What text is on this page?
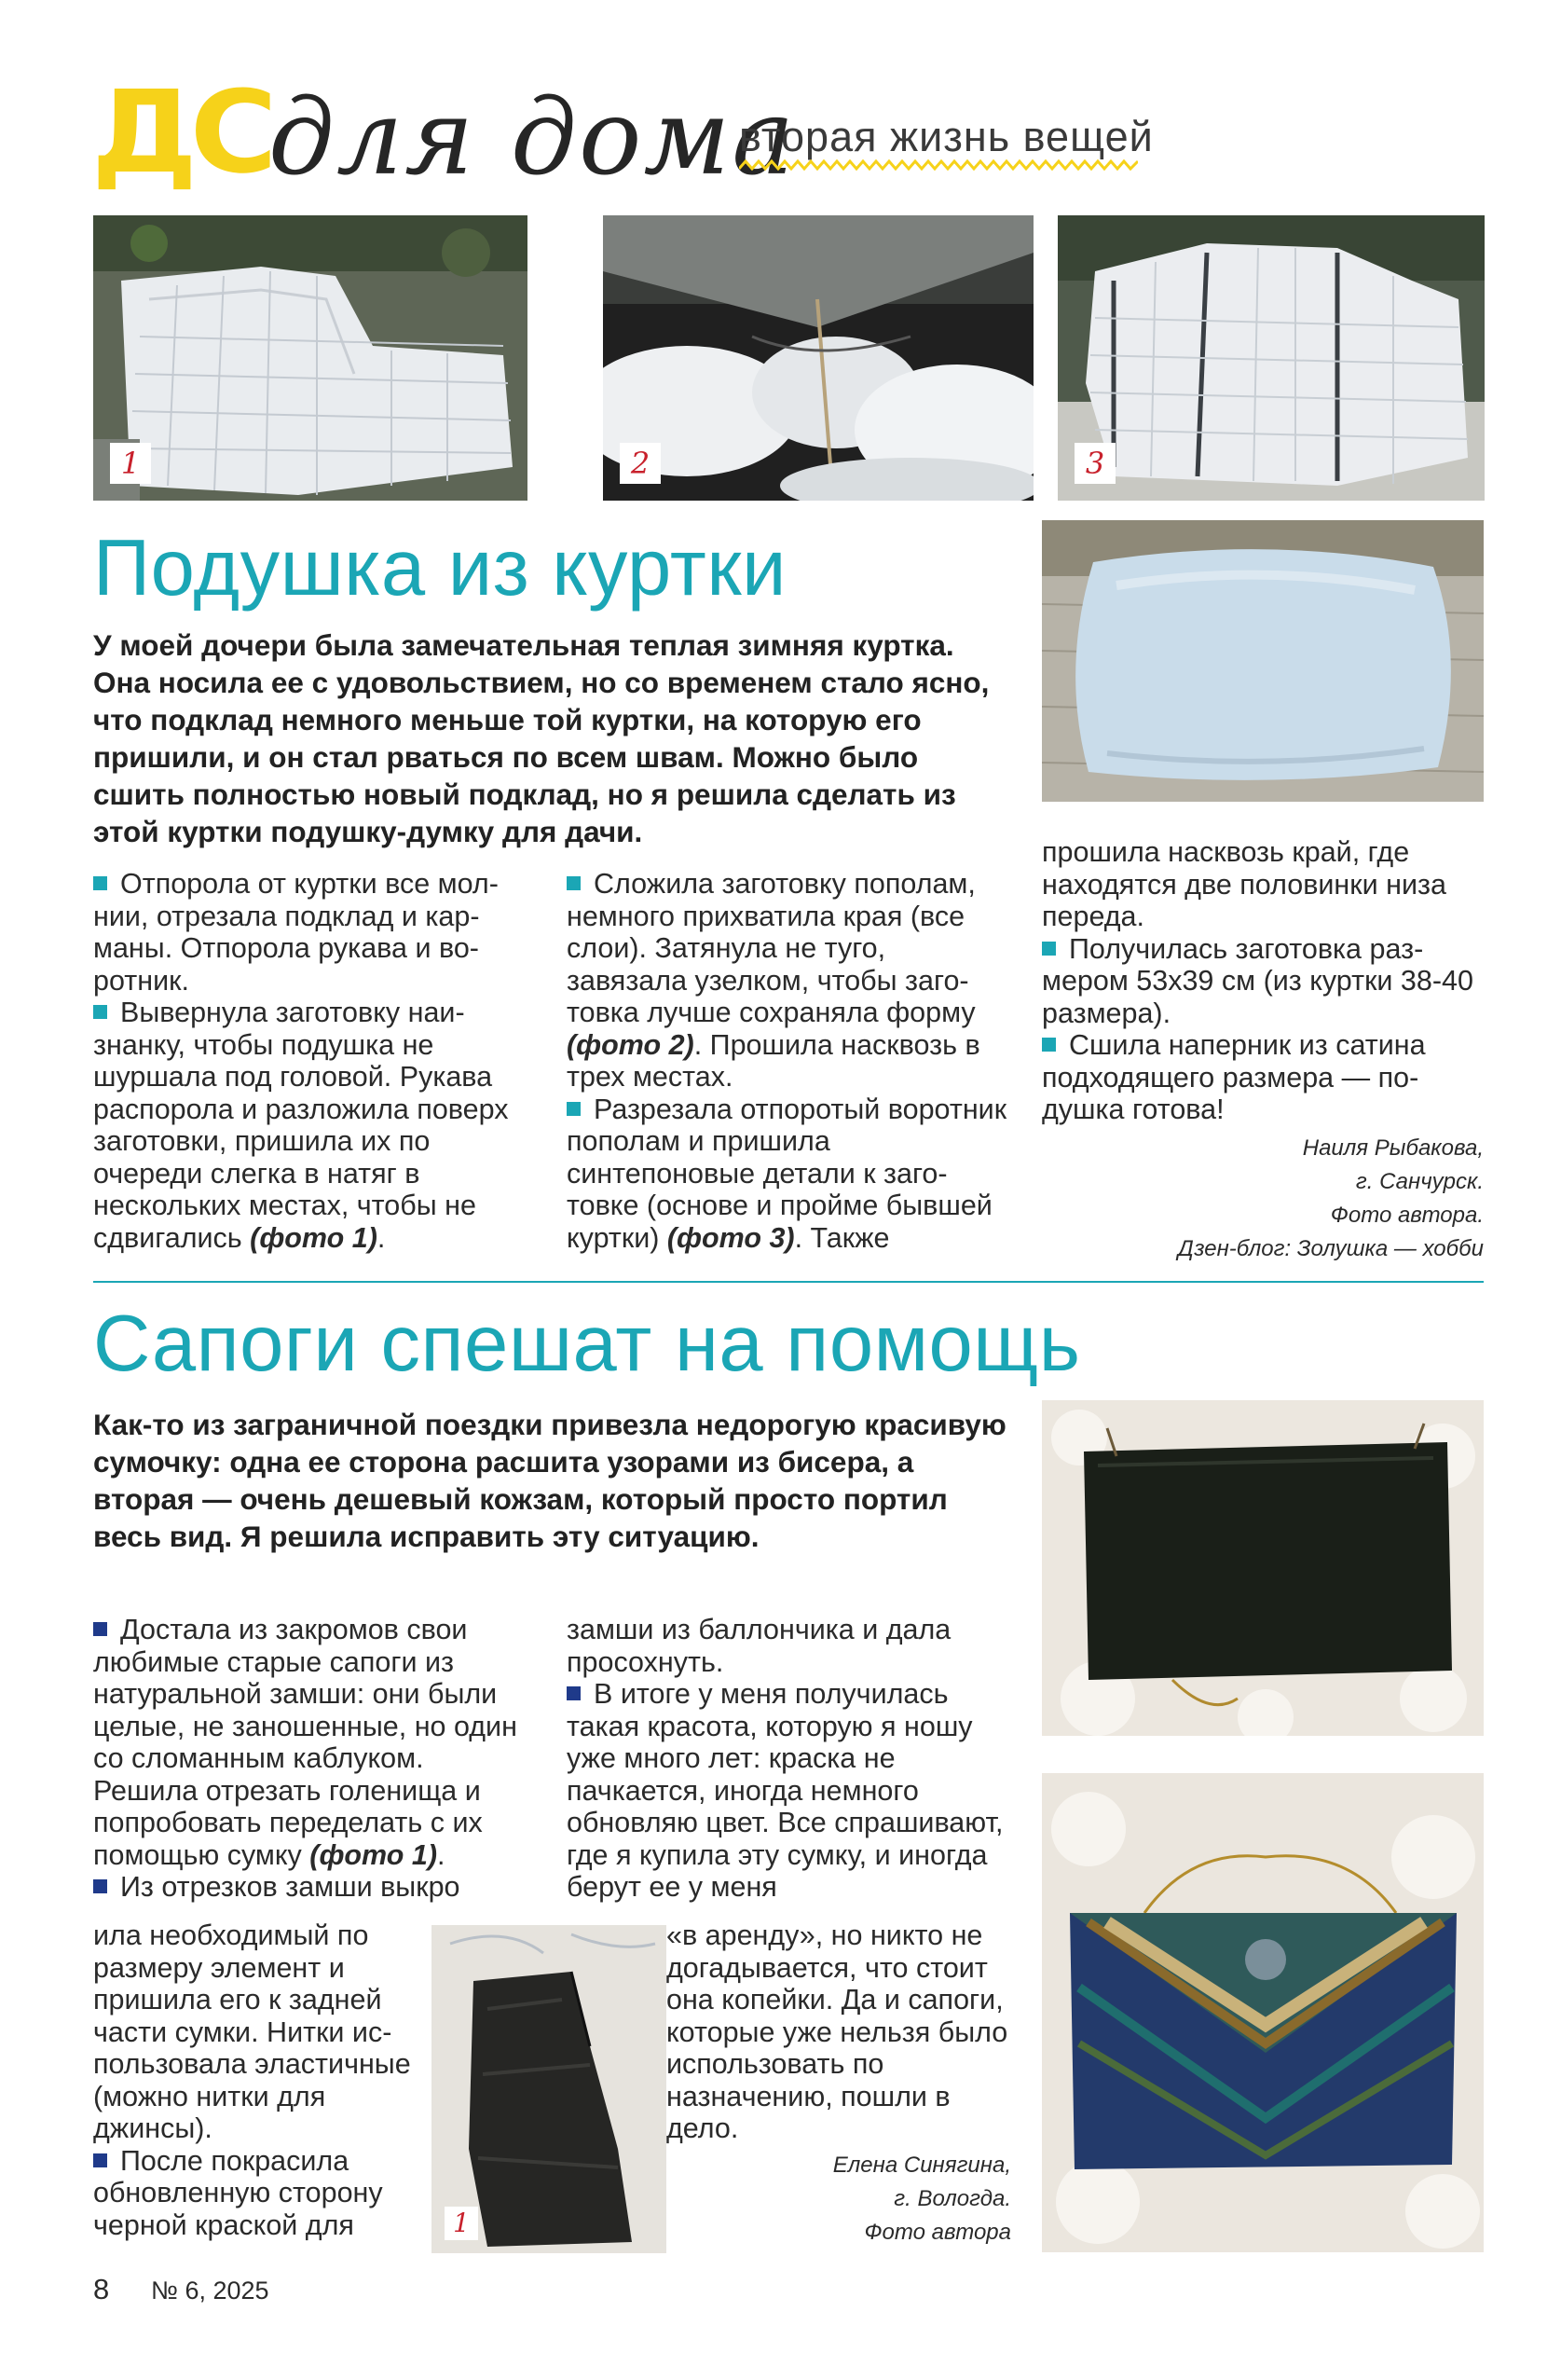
ДС
для дома
вторая жизнь вещей
1	2	3
Подушка из куртки
У моей дочери была замечательная теплая зимняя куртка. Она носила ее с удовольствием, но со временем стало ясно, что подклад немного меньше той куртки, на которую его пришили, и он стал рваться по всем швам. Можно было сшить полностью новый подклад, но я решила сделать из этой куртки подушку-думку для дачи.

Отпорола от куртки все молнии, отрезала подклад и карманы. Отпорола рукава и воротник.

Вывернула заготовку наизнанку, чтобы подушка не шуршала под головой. Рукава распорола и разложила поверх заготовки, пришила их по очереди слегка в натяг в нескольких местах, чтобы не сдвигались (фото 1).

Сложила заготовку пополам, немного прихватила края (все слои). Затянула не туго, завязала узелком, чтобы заготовка лучше сохраняла форму (фото 2). Прошила насквозь в трех местах.

Разрезала отпоротый воротник пополам и пришила синтепоновые детали к заготовке (основе и пройме бывшей куртки) (фото 3). Также

прошила насквозь край, где находятся две половинки низа переда.

Получилась заготовка размером 53х39 см (из куртки 38-40 размера).

Сшила наперник из сатина подходящего размера — подушка готова!

Наиля Рыбакова,
г. Санчурск.
Фото автора.
Дзен-блог: Золушка — хобби
Сапоги спешат на помощь
Как-то из заграничной поездки привезла недорогую красивую сумочку: одна ее сторона расшита узорами из бисера, а вторая — очень дешевый кожзам, который просто портил весь вид. Я решила исправить эту ситуацию.

Достала из закромов свои любимые старые сапоги из натуральной замши: они были целые, не заношенные, но один со сломанным каблуком. Решила отрезать голенища и попробовать переделать с их помощью сумку (фото 1).

Из отрезков замши выкро

ила необходимый по размеру элемент и пришила его к задней части сумки. Нитки использовала эластичные (можно нитки для джинсы).

После покрасила обновленную сторону черной краской для	1

замши из баллончика и дала просохнуть.

В итоге у меня получилась такая красота, которую я ношу уже много лет: краска не пачкается, иногда немного обновляю цвет. Все спрашивают, где я купила эту сумку, и иногда берут ее у меня

«в аренду», но никто не догадывается, что стоит она копейки. Да и сапоги, которые уже нельзя было использовать по назначению, пошли в дело.

Елена Синягина,
г. Вологда.
Фото автора
8 № 6, 2025
